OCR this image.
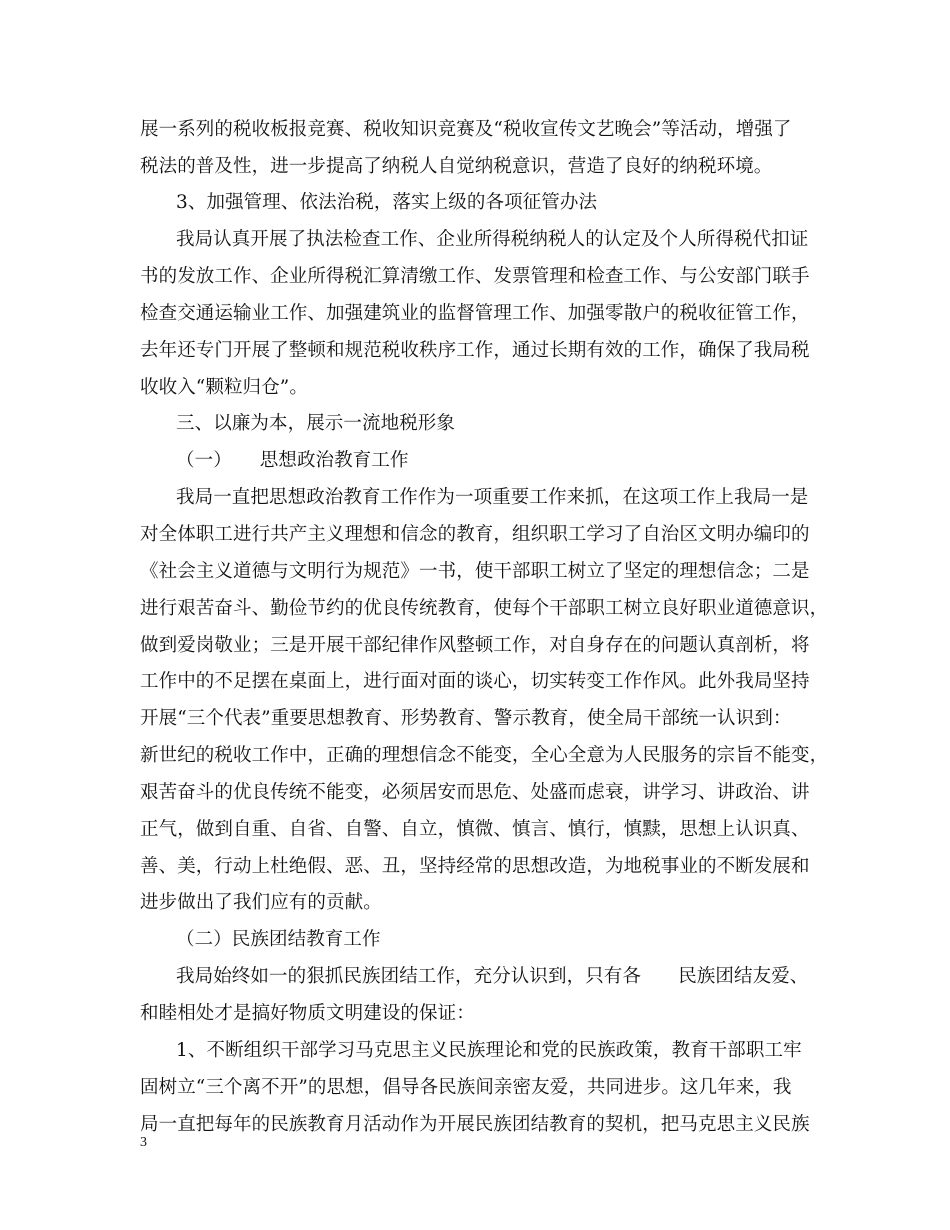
展一系列的税收板报竞赛、税收知识竞赛及“税收宣传文艺晚会”等活动，增强了
税法的普及性，进一步提高了纳税人自觉纳税意识，营造了良好的纳税环境。
3、加强管理、依法治税，落实上级的各项征管办法
我局认真开展了执法检查工作、企业所得税纳税人的认定及个人所得税代扣证
书的发放工作、企业所得税汇算清缴工作、发票管理和检查工作、与公安部门联手
检查交通运输业工作、加强建筑业的监督管理工作、加强零散户的税收征管工作，
去年还专门开展了整顿和规范税收秩序工作，通过长期有效的工作，确保了我局税
收收入“颗粒归仓”。
三、以廉为本，展示一流地税形象
（一）　　思想政治教育工作
我局一直把思想政治教育工作作为一项重要工作来抓，在这项工作上我局一是
对全体职工进行共产主义理想和信念的教育，组织职工学习了自治区文明办编印的
《社会主义道德与文明行为规范》一书，使干部职工树立了坚定的理想信念；二是
进行艰苦奋斗、勤俭节约的优良传统教育，使每个干部职工树立良好职业道德意识，
做到爱岗敬业；三是开展干部纪律作风整顿工作，对自身存在的问题认真剖析，将
工作中的不足摆在桌面上，进行面对面的谈心，切实转变工作作风。此外我局坚持
开展“三个代表”重要思想教育、形势教育、警示教育，使全局干部统一认识到：
新世纪的税收工作中，正确的理想信念不能变，全心全意为人民服务的宗旨不能变，
艰苦奋斗的优良传统不能变，必须居安而思危、处盛而虑衰，讲学习、讲政治、讲
正气，做到自重、自省、自警、自立，慎微、慎言、慎行，慎黩，思想上认识真、
善、美，行动上杜绝假、恶、丑，坚持经常的思想改造，为地税事业的不断发展和
进步做出了我们应有的贡献。
（二）民族团结教育工作
我局始终如一的狠抓民族团结工作，充分认识到，只有各　　民族团结友爱、
和睦相处才是搞好物质文明建设的保证：
1、不断组织干部学习马克思主义民族理论和党的民族政策，教育干部职工牢
固树立“三个离不开”的思想，倡导各民族间亲密友爱，共同进步。这几年来，我
局一直把每年的民族教育月活动作为开展民族团结教育的契机，把马克思主义民族
3
